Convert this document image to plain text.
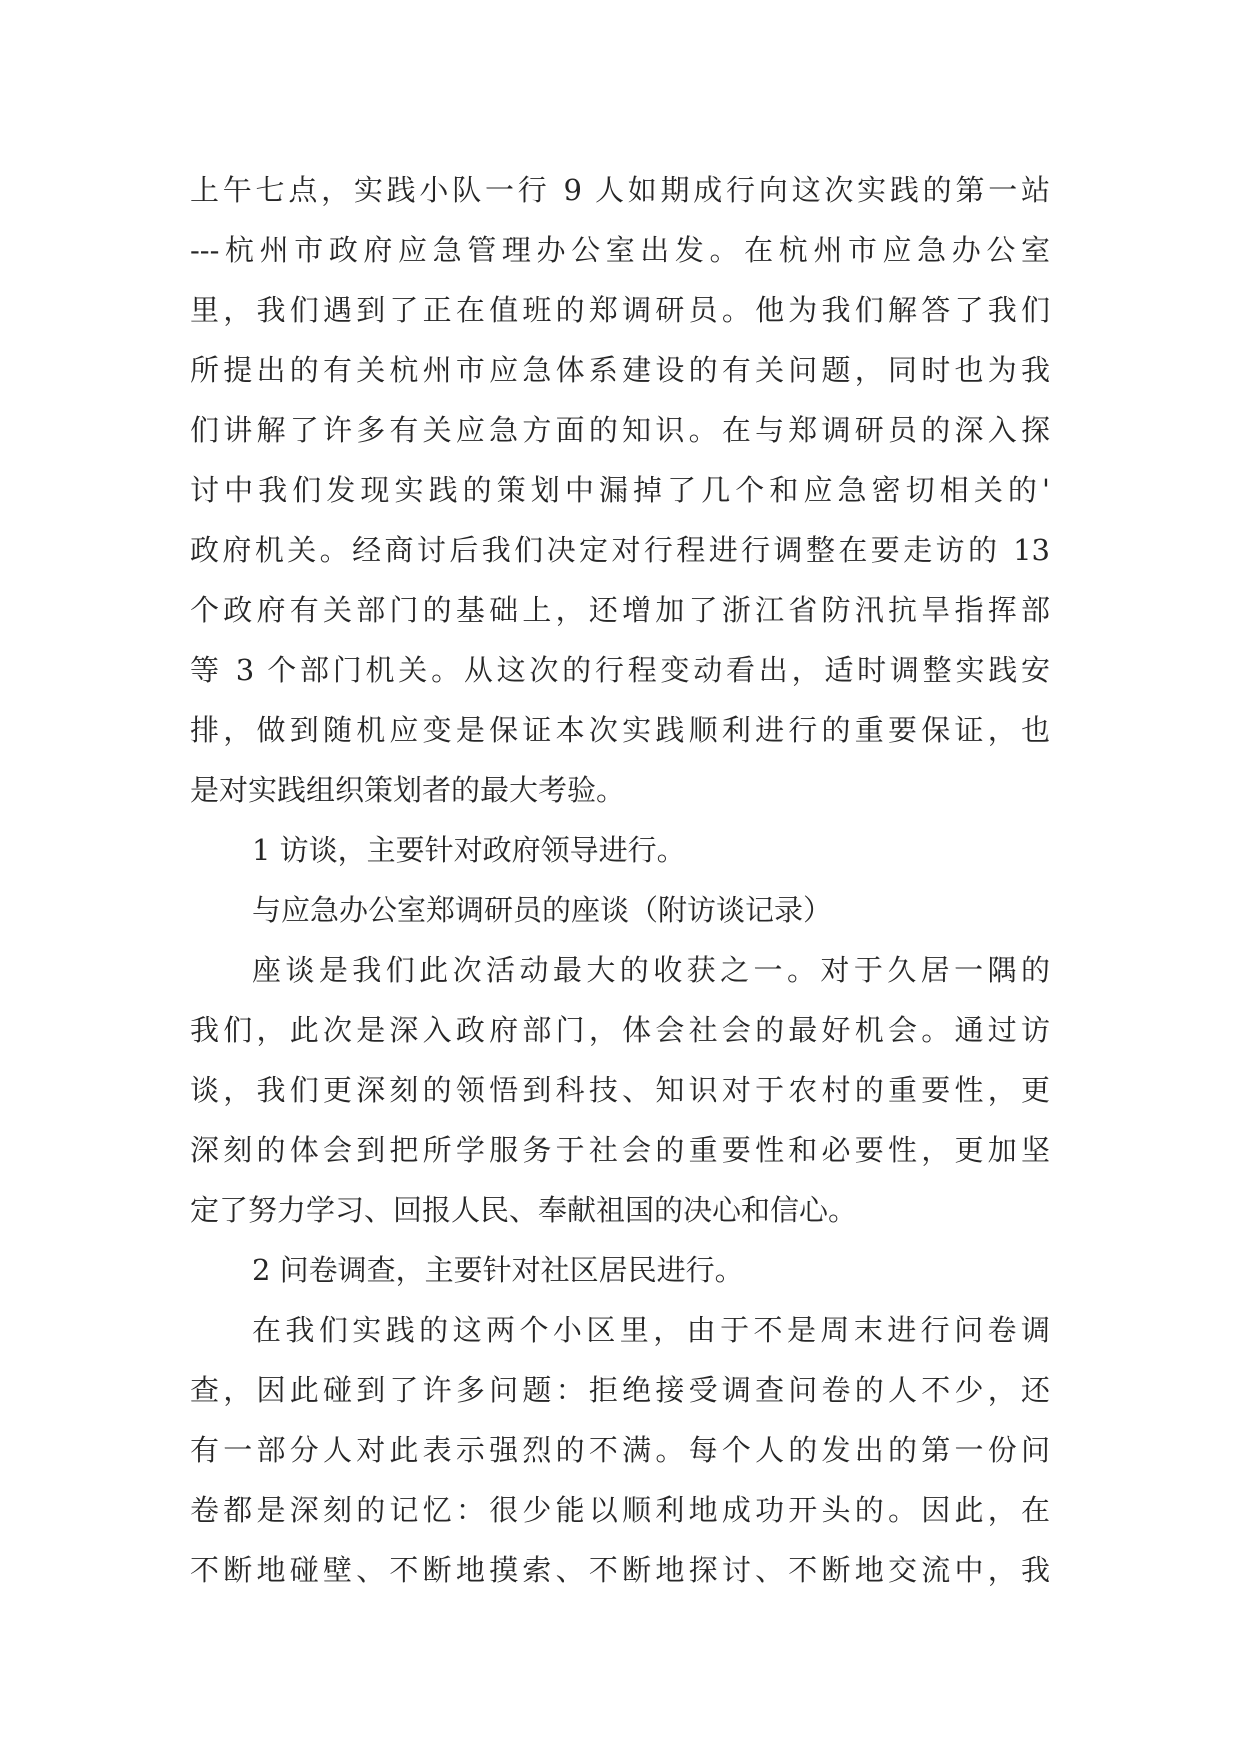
上午七点，实践小队一行 9 人如期成行向这次实践的第一站
---杭州市政府应急管理办公室出发。在杭州市应急办公室
里，我们遇到了正在值班的郑调研员。他为我们解答了我们
所提出的有关杭州市应急体系建设的有关问题，同时也为我
们讲解了许多有关应急方面的知识。在与郑调研员的深入探
讨中我们发现实践的策划中漏掉了几个和应急密切相关的'
政府机关。经商讨后我们决定对行程进行调整在要走访的 13
个政府有关部门的基础上，还增加了浙江省防汛抗旱指挥部
等 3 个部门机关。从这次的行程变动看出，适时调整实践安
排，做到随机应变是保证本次实践顺利进行的重要保证，也
是对实践组织策划者的最大考验。
1 访谈，主要针对政府领导进行。
与应急办公室郑调研员的座谈（附访谈记录）
座谈是我们此次活动最大的收获之一。对于久居一隅的
我们，此次是深入政府部门，体会社会的最好机会。通过访
谈，我们更深刻的领悟到科技、知识对于农村的重要性，更
深刻的体会到把所学服务于社会的重要性和必要性，更加坚
定了努力学习、回报人民、奉献祖国的决心和信心。
2 问卷调查，主要针对社区居民进行。
在我们实践的这两个小区里，由于不是周末进行问卷调
查，因此碰到了许多问题：拒绝接受调查问卷的人不少，还
有一部分人对此表示强烈的不满。每个人的发出的第一份问
卷都是深刻的记忆：很少能以顺利地成功开头的。因此，在
不断地碰壁、不断地摸索、不断地探讨、不断地交流中，我
